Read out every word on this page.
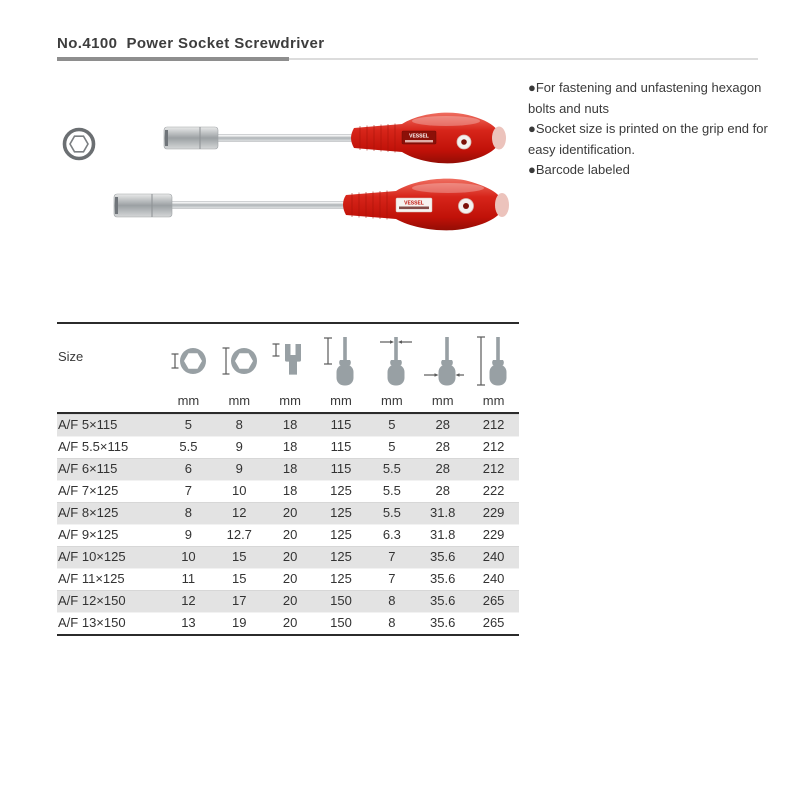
No.4100  Power Socket Screwdriver

●For fastening and unfastening hexagon bolts and nuts

●Socket size is printed on the grip end for easy identification.

●Barcode labeled

VESSEL
VESSEL
Size
mm	mm	mm	mm	mm	mm	mm
A/F 5×115	5	8	18	115	5	28	212
A/F 5.5×115	5.5	9	18	115	5	28	212
A/F 6×115	6	9	18	115	5.5	28	212
A/F 7×125	7	10	18	125	5.5	28	222
A/F 8×125	8	12	20	125	5.5	31.8	229
A/F 9×125	9	12.7	20	125	6.3	31.8	229
A/F 10×125	10	15	20	125	7	35.6	240
A/F 11×125	11	15	20	125	7	35.6	240
A/F 12×150	12	17	20	150	8	35.6	265
A/F 13×150	13	19	20	150	8	35.6	265
